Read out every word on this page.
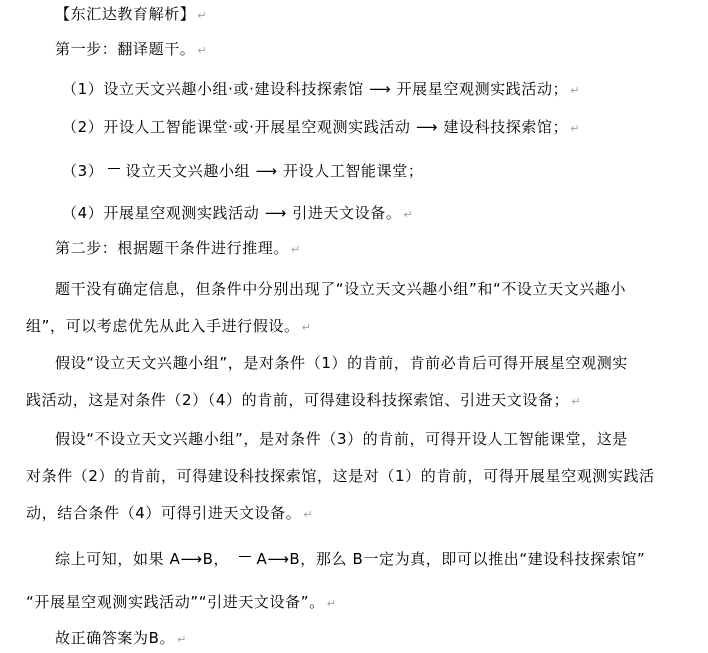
【东汇达教育解析】 ↵
第一步：翻译题干。 ↵
（1）设立天文兴趣小组·或·建设科技探索馆 ⟶ 开展星空观测实践活动； ↵
（2）开设人工智能课堂·或·开展星空观测实践活动 ⟶ 建设科技探索馆； ↵
（3） 设立天文兴趣小组 ⟶ 开设人工智能课堂；
（4）开展星空观测实践活动 ⟶ 引进天文设备。 ↵
第二步：根据题干条件进行推理。 ↵
题干没有确定信息，但条件中分别出现了“设立天文兴趣小组”和“不设立天文兴趣小
组”，可以考虑优先从此入手进行假设。 ↵
假设“设立天文兴趣小组”，是对条件（1）的肯前，肯前必肯后可得开展星空观测实
践活动，这是对条件（2）（4）的肯前，可得建设科技探索馆、引进天文设备； ↵
假设“不设立天文兴趣小组”，是对条件（3）的肯前，可得开设人工智能课堂，这是
对条件（2）的肯前，可得建设科技探索馆，这是对（1）的肯前，可得开展星空观测实践活
动，结合条件（4）可得引进天文设备。 ↵
综上可知，如果 A⟶B， A⟶B，那么 B一定为真，即可以推出“建设科技探索馆”
“开展星空观测实践活动”“引进天文设备”。 ↵
故正确答案为B。 ↵
